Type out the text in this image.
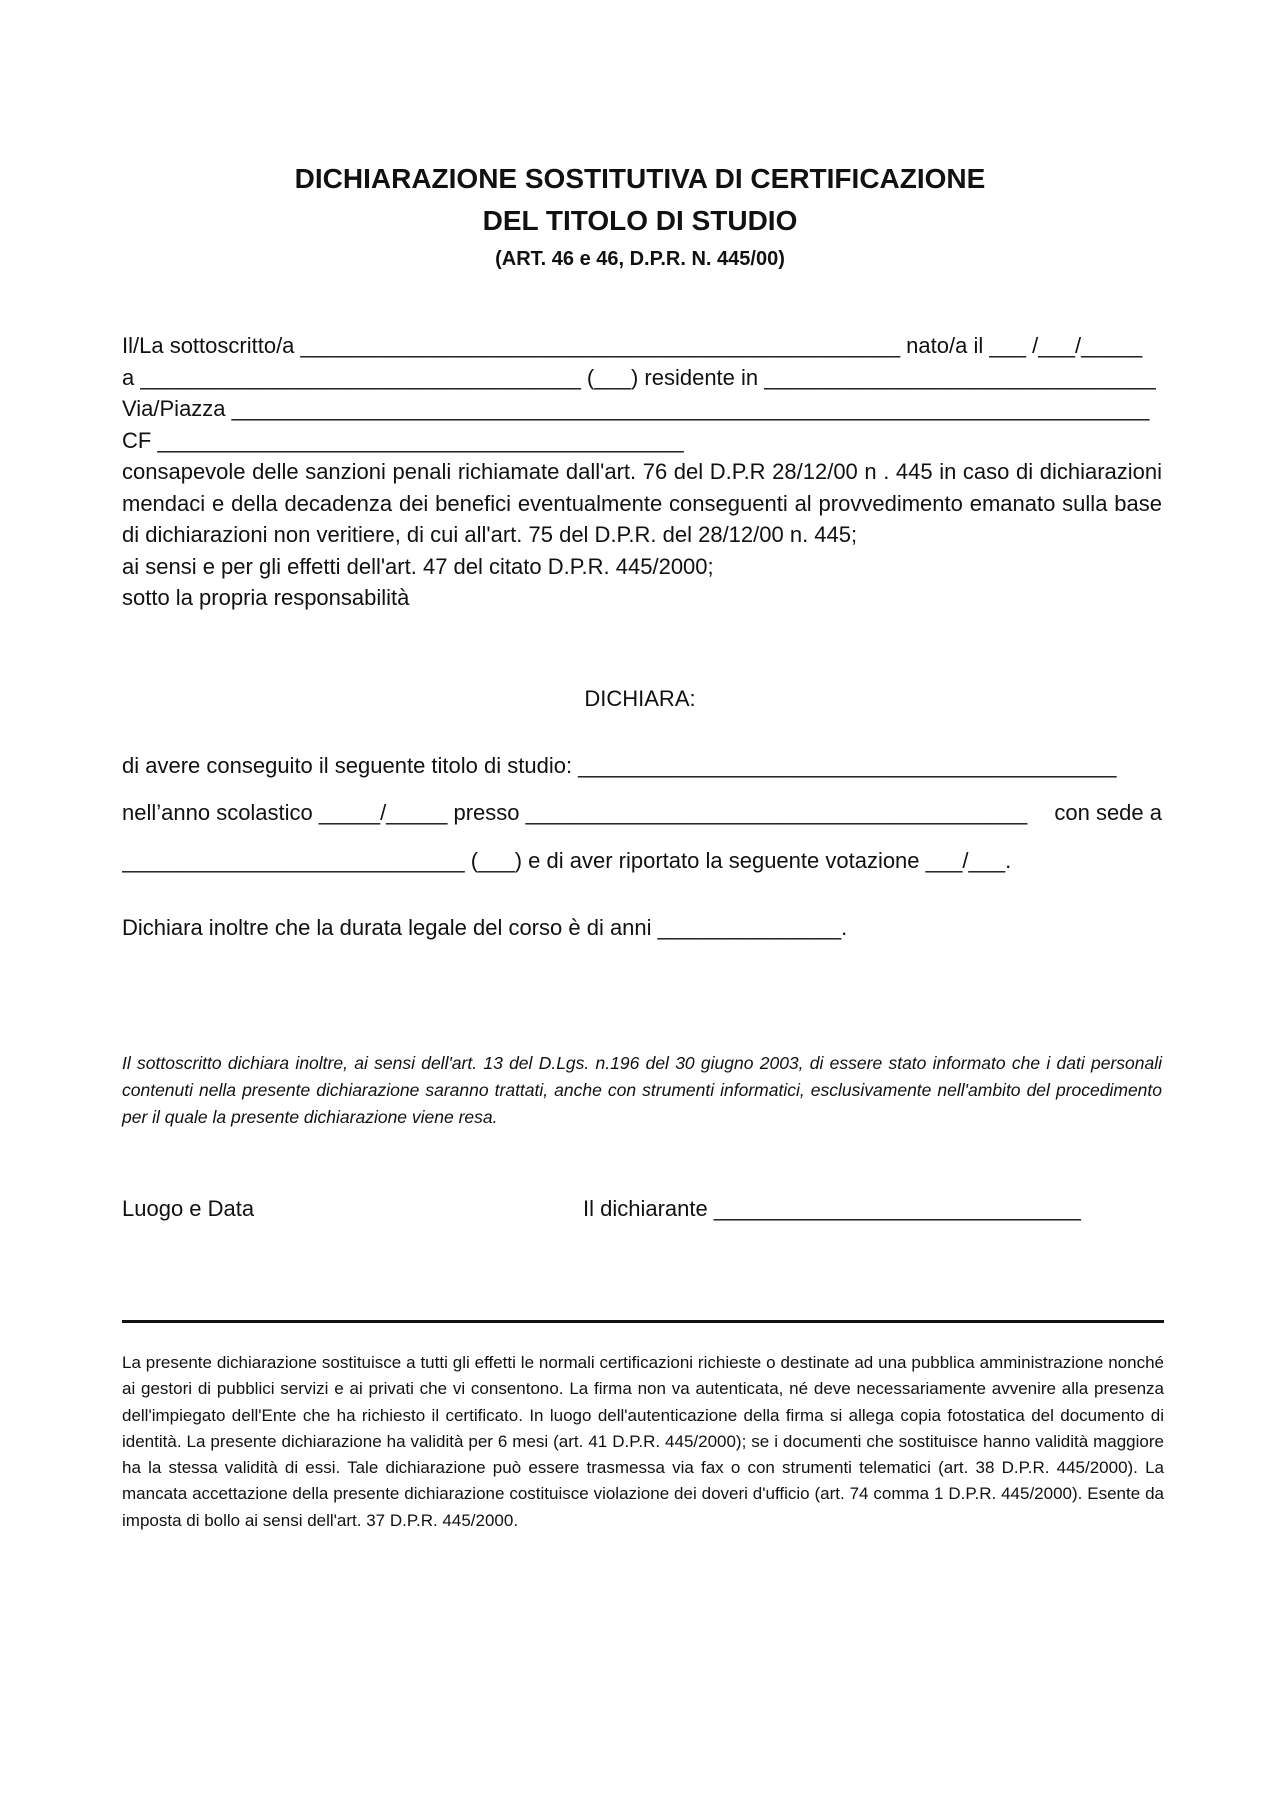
DICHIARAZIONE SOSTITUTIVA DI CERTIFICAZIONE
DEL TITOLO DI STUDIO
(ART. 46 e 46, D.P.R. N. 445/00)
Il/La sottoscritto/a _________________________________________________ nato/a il ___ /___/_____
a ____________________________________ (___) residente in ________________________________
Via/Piazza ___________________________________________________________________________
CF ___________________________________________

consapevole delle sanzioni penali richiamate dall'art. 76 del D.P.R 28/12/00 n . 445 in caso di dichiarazioni mendaci e della decadenza dei benefici eventualmente conseguenti al provvedimento emanato sulla base di dichiarazioni non veritiere, di cui all'art. 75 del D.P.R. del 28/12/00 n. 445;

ai sensi e per gli effetti dell'art. 47 del citato D.P.R. 445/2000;

sotto la propria responsabilità

DICHIARA:
di avere conseguito il seguente titolo di studio: ____________________________________________
nell’anno scolastico _____/_____ presso _________________________________________ con sede a
____________________________ (___) e di aver riportato la seguente votazione ___/___.
Dichiara inoltre che la durata legale del corso è di anni _______________.
Il sottoscritto dichiara inoltre, ai sensi dell'art. 13 del D.Lgs. n.196 del 30 giugno 2003, di essere stato informato che i dati personali contenuti nella presente dichiarazione saranno trattati, anche con strumenti informatici, esclusivamente nell'ambito del procedimento per il quale la presente dichiarazione viene resa.
Luogo e Data	Il dichiarante ______________________________
La presente dichiarazione sostituisce a tutti gli effetti le normali certificazioni richieste o destinate ad una pubblica amministrazione nonché ai gestori di pubblici servizi e ai privati che vi consentono. La firma non va autenticata, né deve necessariamente avvenire alla presenza dell'impiegato dell'Ente che ha richiesto il certificato. In luogo dell'autenticazione della firma si allega copia fotostatica del documento di identità. La presente dichiarazione ha validità per 6 mesi (art. 41 D.P.R. 445/2000); se i documenti che sostituisce hanno validità maggiore ha la stessa validità di essi. Tale dichiarazione può essere trasmessa via fax o con strumenti telematici (art. 38 D.P.R. 445/2000). La mancata accettazione della presente dichiarazione costituisce violazione dei doveri d'ufficio (art. 74 comma 1 D.P.R. 445/2000). Esente da imposta di bollo ai sensi dell'art. 37 D.P.R. 445/2000.
